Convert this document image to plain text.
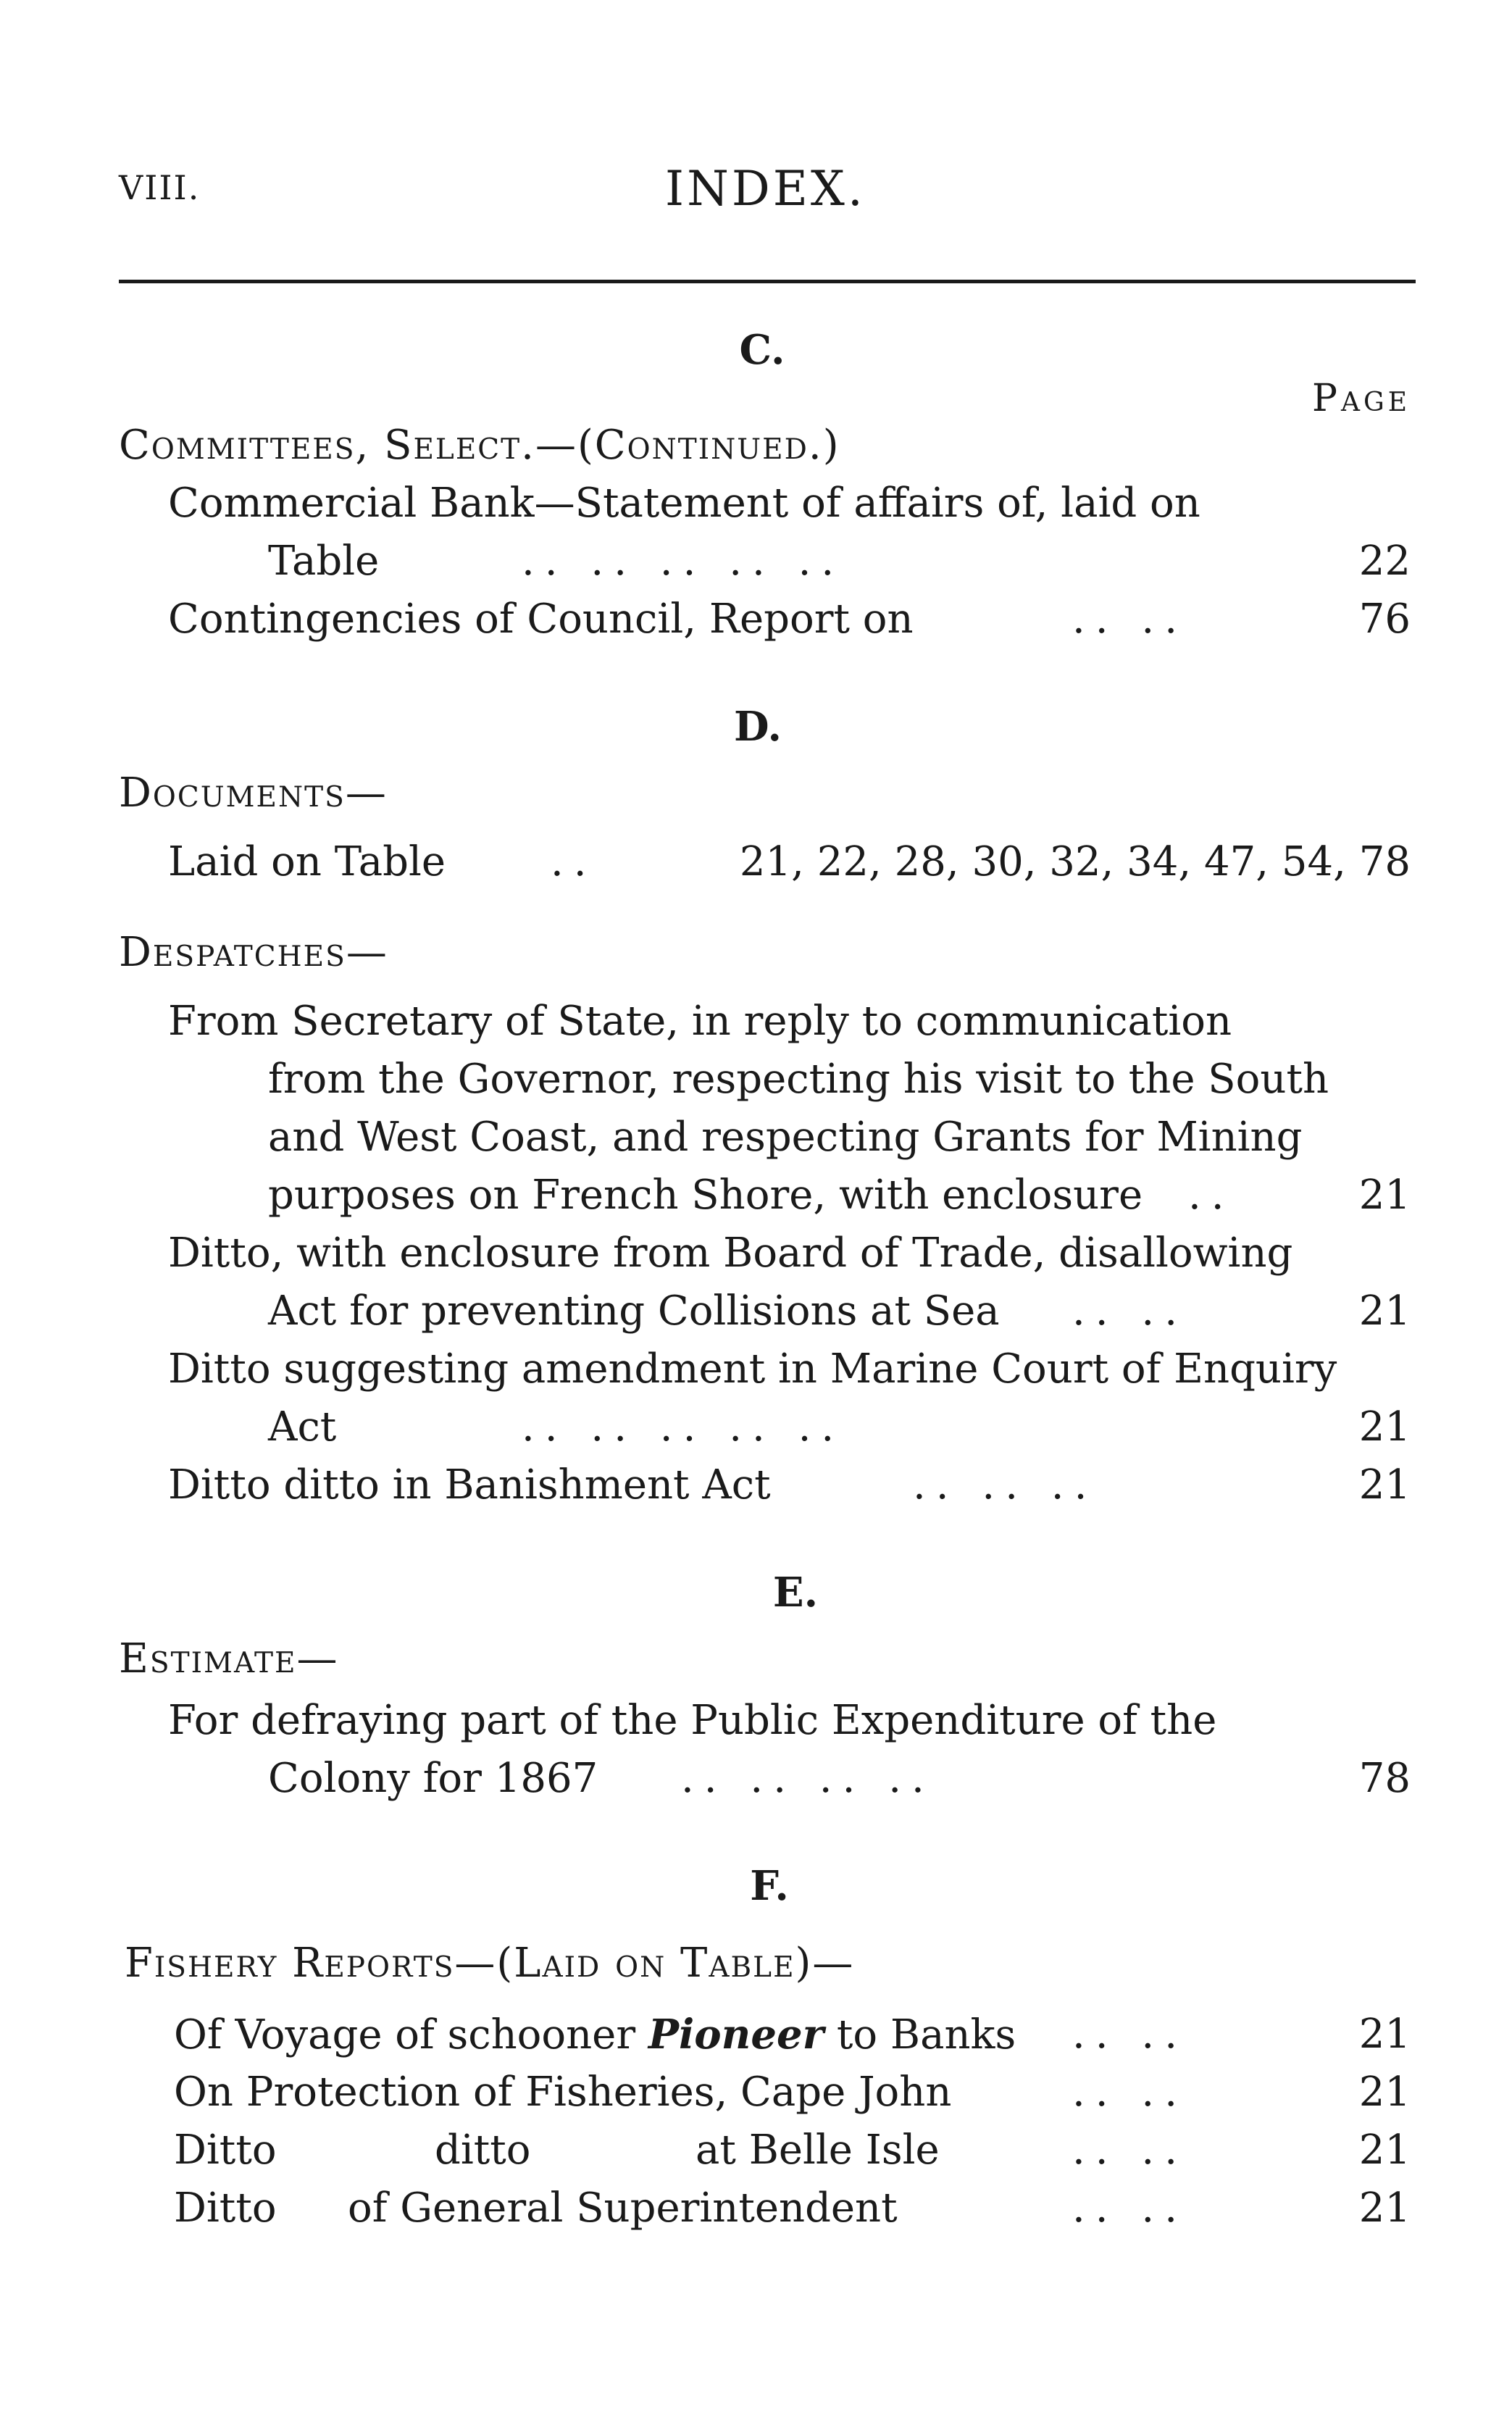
VIII.	INDEX.
C.
Page
Committees, Select.—(Continued.)
Commercial Bank—Statement of affairs of, laid on
Table	.. .. .. .. ..	22
Contingencies of Council, Report on	.. ..	76
D.
Documents—
Laid on Table	..	21, 22, 28, 30, 32, 34, 47, 54, 78
Despatches—
From Secretary of State, in reply to communication
from the Governor, respecting his visit to the South
and West Coast, and respecting Grants for Mining
purposes on French Shore, with enclosure ..	21
Ditto, with enclosure from Board of Trade, disallowing
Act for preventing Collisions at Sea .. ..	21
Ditto suggesting amendment in Marine Court of Enquiry
Act	.. .. .. .. ..	21
Ditto ditto in Banishment Act	.. .. ..	21
E.
Estimate—
For defraying part of the Public Expenditure of the
Colony for 1867 .. .. .. ..	78
F.
Fishery Reports—(Laid on Table)—
Of Voyage of schooner Pioneer to Banks .. ..	21
On Protection of Fisheries, Cape John	.. ..	21
Ditto	ditto	at Belle Isle	.. ..	21
Ditto of General Superintendent	.. ..	21
